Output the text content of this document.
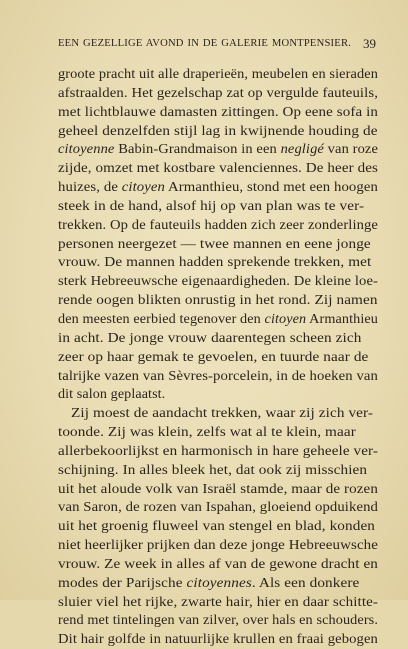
EEN GEZELLIGE AVOND IN DE GALERIE MONTPENSIER. 39
groote pracht uit alle draperieën, meubelen en sieraden
afstraalden. Het gezelschap zat op vergulde fauteuils,
met lichtblauwe damasten zittingen. Op eene sofa in
geheel denzelfden stijl lag in kwijnende houding de
citoyenne Babin-Grandmaison in een negligé van roze
zijde, omzet met kostbare valenciennes. De heer des
huizes, de citoyen Armanthieu, stond met een hoogen
steek in de hand, alsof hij op van plan was te ver-
trekken. Op de fauteuils hadden zich zeer zonderlinge
personen neergezet — twee mannen en eene jonge
vrouw. De mannen hadden sprekende trekken, met
sterk Hebreeuwsche eigenaardigheden. De kleine loe-
rende oogen blikten onrustig in het rond. Zij namen
den meesten eerbied tegenover den citoyen Armanthieu
in acht. De jonge vrouw daarentegen scheen zich
zeer op haar gemak te gevoelen, en tuurde naar de
talrijke vazen van Sèvres-porcelein, in de hoeken van
dit salon geplaatst.
Zij moest de aandacht trekken, waar zij zich ver-
toonde. Zij was klein, zelfs wat al te klein, maar
allerbekoorlijkst en harmonisch in hare geheele ver-
schijning. In alles bleek het, dat ook zij misschien
uit het aloude volk van Israël stamde, maar de rozen
van Saron, de rozen van Ispahan, gloeiend opduikend
uit het groenig fluweel van stengel en blad, konden
niet heerlijker prijken dan deze jonge Hebreeuwsche
vrouw. Ze week in alles af van de gewone dracht en
modes der Parijsche citoyennes. Als een donkere
sluier viel het rijke, zwarte hair, hier en daar schitte-
rend met tintelingen van zilver, over hals en schouders.
Dit hair golfde in natuurlijke krullen en fraai gebogen
